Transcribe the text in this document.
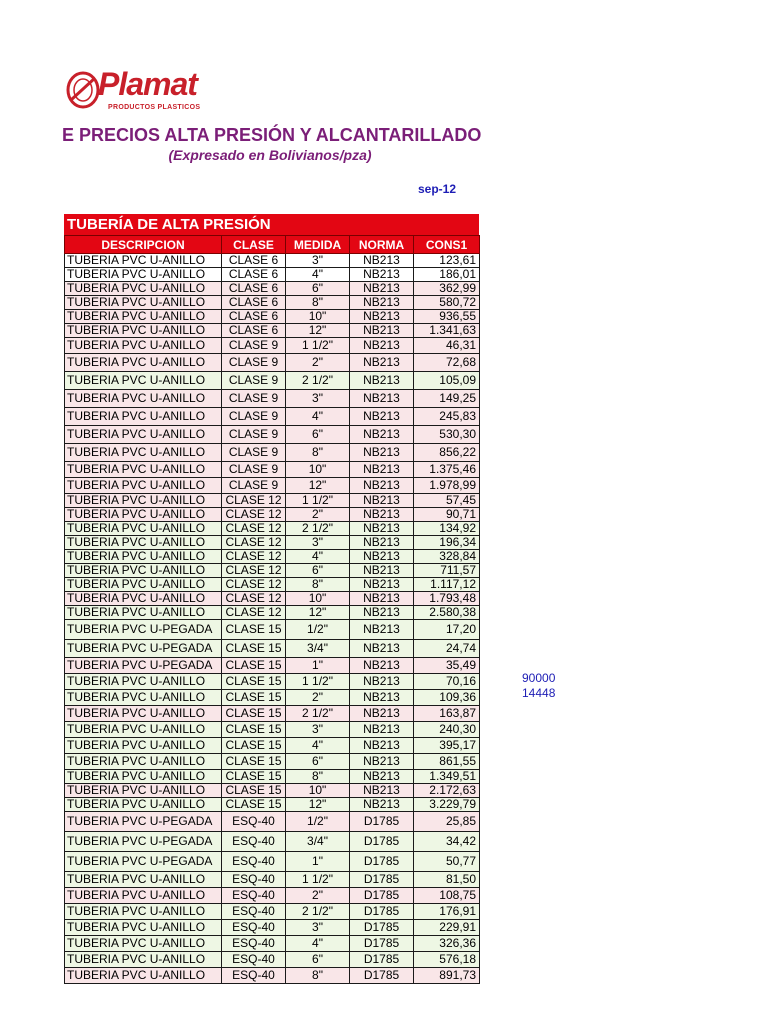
Plamat
PRODUCTOS PLASTICOS
E PRECIOS ALTA PRESIÓN Y ALCANTARILLADO
(Expresado en Bolivianos/pza)
sep-12
90000
14448
TUBERÍA DE ALTA PRESIÓN
DESCRIPCION	CLASE	MEDIDA	NORMA	CONS1
TUBERIA PVC U-ANILLO	CLASE 6	3"	NB213	123,61
TUBERIA PVC U-ANILLO	CLASE 6	4"	NB213	186,01
TUBERIA PVC U-ANILLO	CLASE 6	6"	NB213	362,99
TUBERIA PVC U-ANILLO	CLASE 6	8"	NB213	580,72
TUBERIA PVC U-ANILLO	CLASE 6	10"	NB213	936,55
TUBERIA PVC U-ANILLO	CLASE 6	12"	NB213	1.341,63
TUBERIA PVC U-ANILLO	CLASE 9	1 1/2"	NB213	46,31
TUBERIA PVC U-ANILLO	CLASE 9	2"	NB213	72,68
TUBERIA PVC U-ANILLO	CLASE 9	2 1/2"	NB213	105,09
TUBERIA PVC U-ANILLO	CLASE 9	3"	NB213	149,25
TUBERIA PVC U-ANILLO	CLASE 9	4"	NB213	245,83
TUBERIA PVC U-ANILLO	CLASE 9	6"	NB213	530,30
TUBERIA PVC U-ANILLO	CLASE 9	8"	NB213	856,22
TUBERIA PVC U-ANILLO	CLASE 9	10"	NB213	1.375,46
TUBERIA PVC U-ANILLO	CLASE 9	12"	NB213	1.978,99
TUBERIA PVC U-ANILLO	CLASE 12	1 1/2"	NB213	57,45
TUBERIA PVC U-ANILLO	CLASE 12	2"	NB213	90,71
TUBERIA PVC U-ANILLO	CLASE 12	2 1/2"	NB213	134,92
TUBERIA PVC U-ANILLO	CLASE 12	3"	NB213	196,34
TUBERIA PVC U-ANILLO	CLASE 12	4"	NB213	328,84
TUBERIA PVC U-ANILLO	CLASE 12	6"	NB213	711,57
TUBERIA PVC U-ANILLO	CLASE 12	8"	NB213	1.117,12
TUBERIA PVC U-ANILLO	CLASE 12	10"	NB213	1.793,48
TUBERIA PVC U-ANILLO	CLASE 12	12"	NB213	2.580,38
TUBERIA PVC U-PEGADA	CLASE 15	1/2"	NB213	17,20
TUBERIA PVC U-PEGADA	CLASE 15	3/4"	NB213	24,74
TUBERIA PVC U-PEGADA	CLASE 15	1"	NB213	35,49
TUBERIA PVC U-ANILLO	CLASE 15	1 1/2"	NB213	70,16
TUBERIA PVC U-ANILLO	CLASE 15	2"	NB213	109,36
TUBERIA PVC U-ANILLO	CLASE 15	2 1/2"	NB213	163,87
TUBERIA PVC U-ANILLO	CLASE 15	3"	NB213	240,30
TUBERIA PVC U-ANILLO	CLASE 15	4"	NB213	395,17
TUBERIA PVC U-ANILLO	CLASE 15	6"	NB213	861,55
TUBERIA PVC U-ANILLO	CLASE 15	8"	NB213	1.349,51
TUBERIA PVC U-ANILLO	CLASE 15	10"	NB213	2.172,63
TUBERIA PVC U-ANILLO	CLASE 15	12"	NB213	3.229,79
TUBERIA PVC U-PEGADA	ESQ-40	1/2"	D1785	25,85
TUBERIA PVC U-PEGADA	ESQ-40	3/4"	D1785	34,42
TUBERIA PVC U-PEGADA	ESQ-40	1"	D1785	50,77
TUBERIA PVC U-ANILLO	ESQ-40	1 1/2"	D1785	81,50
TUBERIA PVC U-ANILLO	ESQ-40	2"	D1785	108,75
TUBERIA PVC U-ANILLO	ESQ-40	2 1/2"	D1785	176,91
TUBERIA PVC U-ANILLO	ESQ-40	3"	D1785	229,91
TUBERIA PVC U-ANILLO	ESQ-40	4"	D1785	326,36
TUBERIA PVC U-ANILLO	ESQ-40	6"	D1785	576,18
TUBERIA PVC U-ANILLO	ESQ-40	8"	D1785	891,73
